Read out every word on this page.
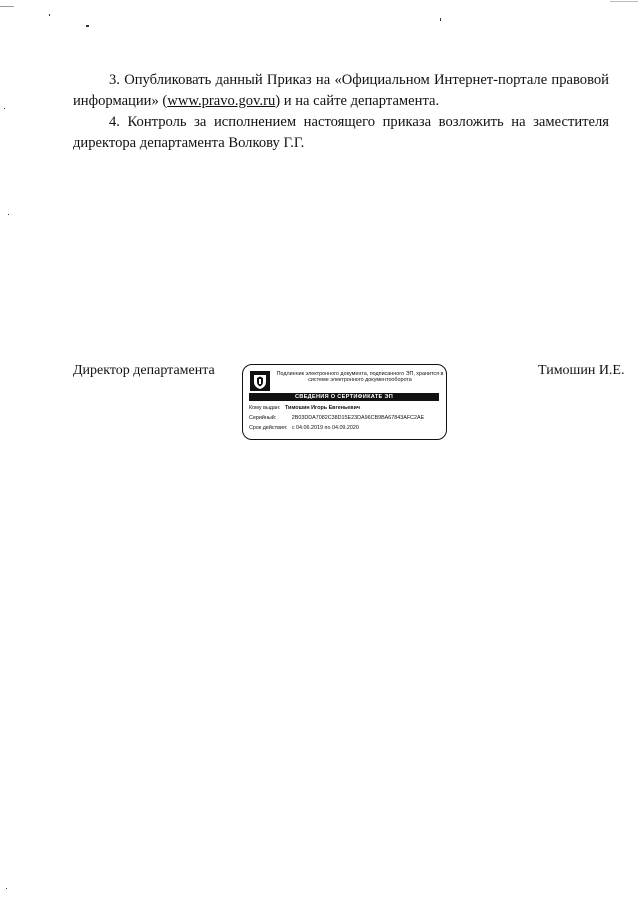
3. Опубликовать данный Приказ на «Официальном Интернет-портале правовой информации» (www.pravo.gov.ru) и на сайте департамента.

4. Контроль за исполнением настоящего приказа возложить на заместителя директора департамента Волкову Г.Г.

Директор департамента	Подлинник электронного документа, подписанного ЭП, хранится в системе электронного документооборота
СВЕДЕНИЯ О СЕРТИФИКАТЕ ЭП
Кому выдан: Тимошин Игорь Евгеньевич
Серийный:	2B03DDA7082C38D15E23DA96CB9BA67843AFC2AE
Срок действия: с 04.06.2019 по 04.09.2020
Тимошин И.Е.
